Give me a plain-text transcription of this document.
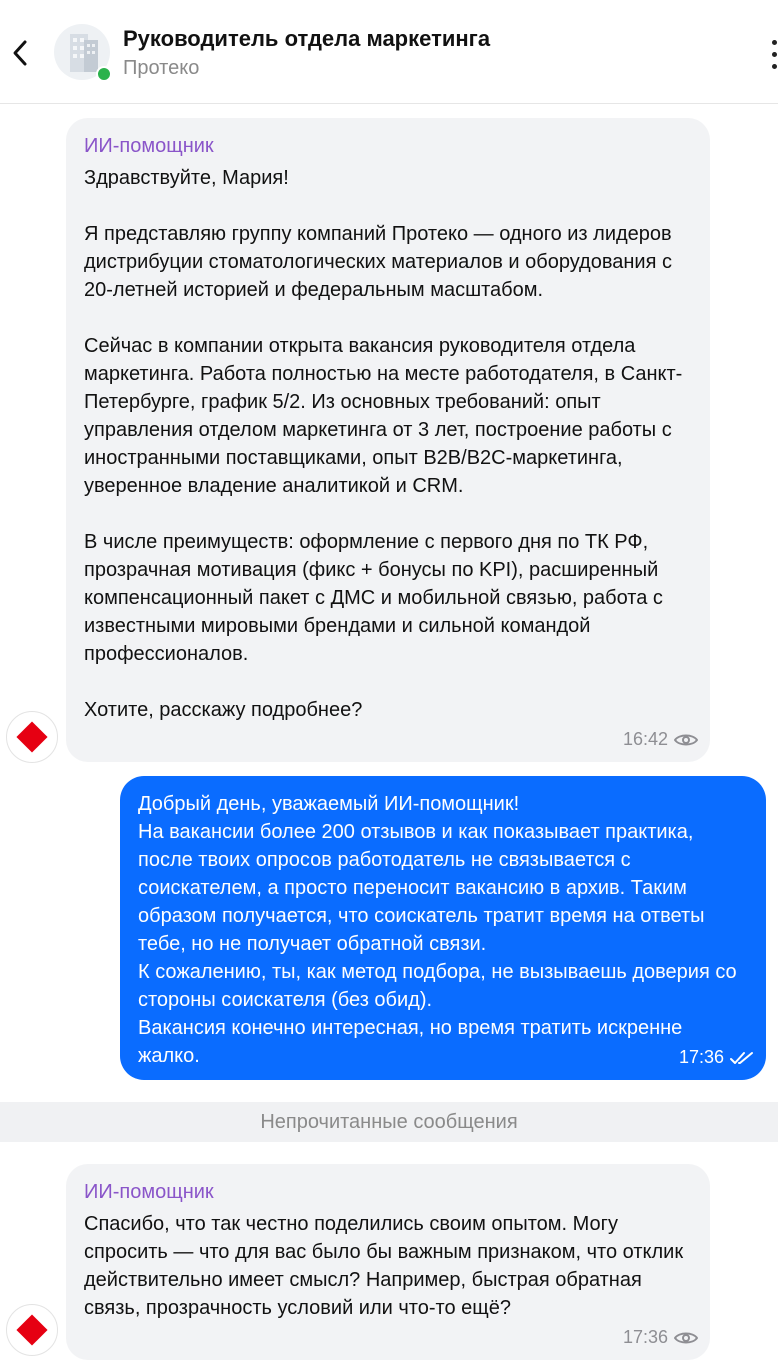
Руководитель отдела маркетинга
Протеко
ИИ-помощник
Здравствуйте, Мария!

Я представляю группу компаний Протеко — одного из лидеров дистрибуции стоматологических материалов и оборудования с 20-летней историей и федеральным масштабом.

Сейчас в компании открыта вакансия руководителя отдела маркетинга. Работа полностью на месте работодателя, в Санкт-Петербурге, график 5/2. Из основных требований: опыт управления отделом маркетинга от 3 лет, построение работы с иностранными поставщиками, опыт B2B/B2C-маркетинга, уверенное владение аналитикой и CRM.

В числе преимуществ: оформление с первого дня по ТК РФ, прозрачная мотивация (фикс + бонусы по KPI), расширенный компенсационный пакет с ДМС и мобильной связью, работа с известными мировыми брендами и сильной командой профессионалов.

Хотите, расскажу подробнее?
16:42
Добрый день, уважаемый ИИ-помощник!
На вакансии более 200 отзывов и как показывает практика, после твоих опросов работодатель не связывается с соискателем, а просто переносит вакансию в архив. Таким образом получается, что соискатель тратит время на ответы тебе, но не получает обратной связи.
К сожалению, ты, как метод подбора, не вызываешь доверия со стороны соискателя (без обид).
Вакансия конечно интересная, но время тратить искренне жалко.	17:36
Непрочитанные сообщения
ИИ-помощник
Спасибо, что так честно поделились своим опытом. Могу спросить — что для вас было бы важным признаком, что отклик действительно имеет смысл? Например, быстрая обратная связь, прозрачность условий или что-то ещё?
17:36
